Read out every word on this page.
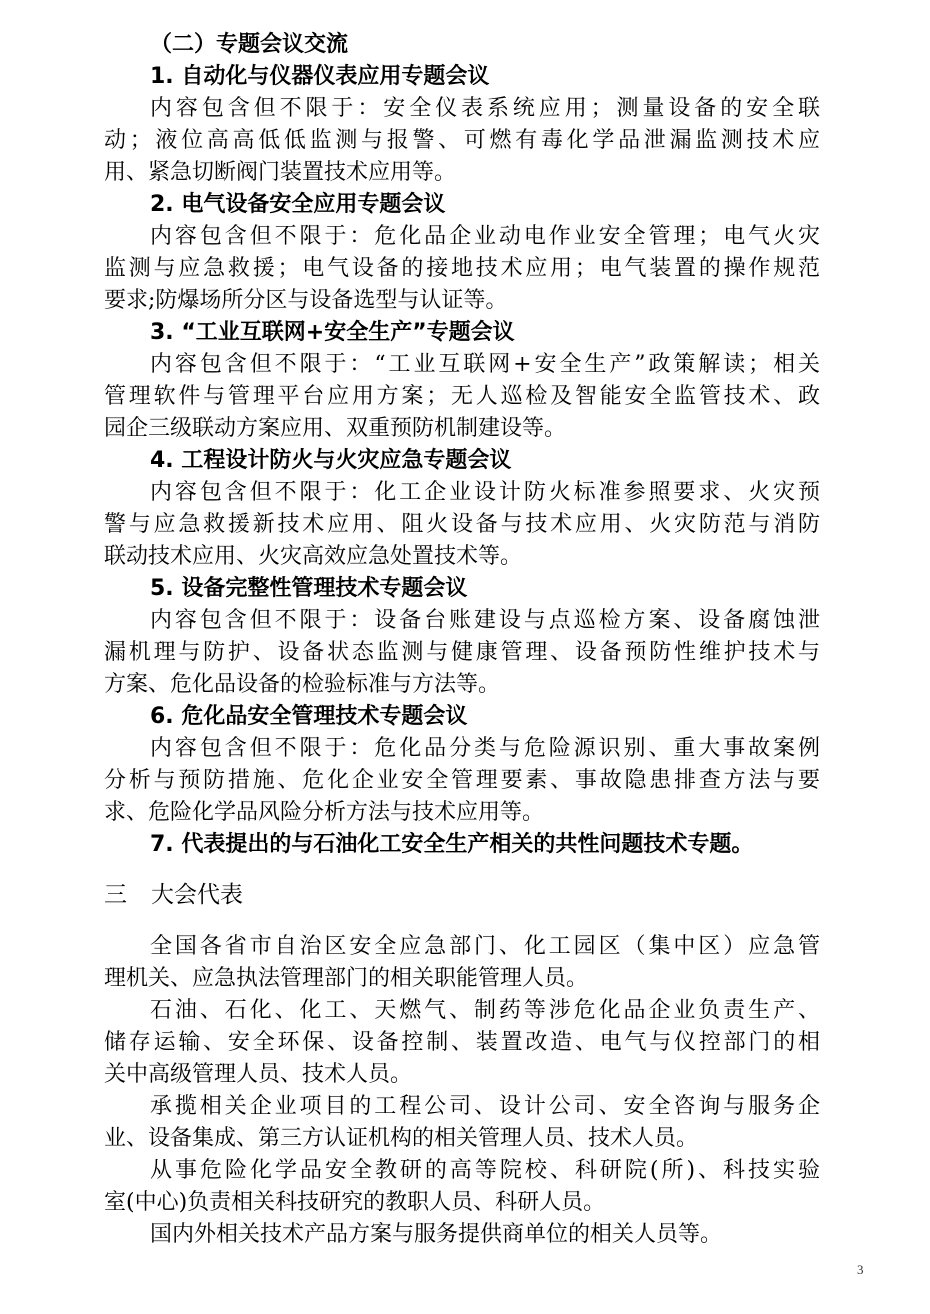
（二）专题会议交流
1. 自动化与仪器仪表应用专题会议
内容包含但不限于：安全仪表系统应用；测量设备的安全联
动；液位高高低低监测与报警、可燃有毒化学品泄漏监测技术应
用、紧急切断阀门装置技术应用等。
2. 电气设备安全应用专题会议
内容包含但不限于：危化品企业动电作业安全管理；电气火灾
监测与应急救援；电气设备的接地技术应用；电气装置的操作规范
要求;防爆场所分区与设备选型与认证等。
3. “工业互联网+安全生产”专题会议
内容包含但不限于：“工业互联网+安全生产”政策解读；相关
管理软件与管理平台应用方案；无人巡检及智能安全监管技术、政
园企三级联动方案应用、双重预防机制建设等。
4. 工程设计防火与火灾应急专题会议
内容包含但不限于：化工企业设计防火标准参照要求、火灾预
警与应急救援新技术应用、阻火设备与技术应用、火灾防范与消防
联动技术应用、火灾高效应急处置技术等。
5. 设备完整性管理技术专题会议
内容包含但不限于：设备台账建设与点巡检方案、设备腐蚀泄
漏机理与防护、设备状态监测与健康管理、设备预防性维护技术与
方案、危化品设备的检验标准与方法等。
6. 危化品安全管理技术专题会议
内容包含但不限于：危化品分类与危险源识别、重大事故案例
分析与预防措施、危化企业安全管理要素、事故隐患排查方法与要
求、危险化学品风险分析方法与技术应用等。
7. 代表提出的与石油化工安全生产相关的共性问题技术专题。
三 大会代表
全国各省市自治区安全应急部门、化工园区（集中区）应急管
理机关、应急执法管理部门的相关职能管理人员。
石油、石化、化工、天燃气、制药等涉危化品企业负责生产、
储存运输、安全环保、设备控制、装置改造、电气与仪控部门的相
关中高级管理人员、技术人员。
承揽相关企业项目的工程公司、设计公司、安全咨询与服务企
业、设备集成、第三方认证机构的相关管理人员、技术人员。
从事危险化学品安全教研的高等院校、科研院(所)、科技实验
室(中心)负责相关科技研究的教职人员、科研人员。
国内外相关技术产品方案与服务提供商单位的相关人员等。
3
